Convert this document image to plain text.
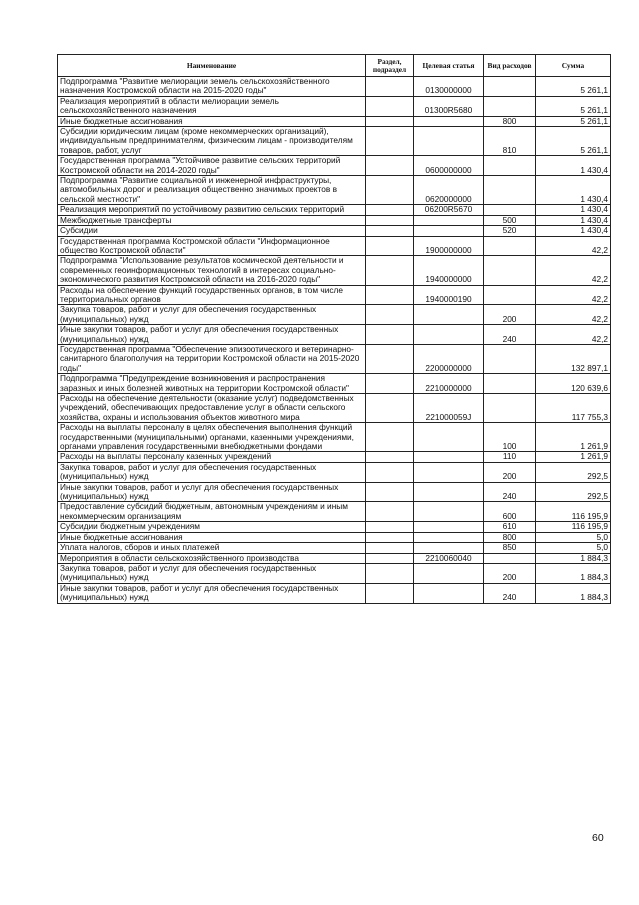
Наименование	Раздел, подраздел	Целевая статья	Вид расходов	Сумма
Подпрограмма "Развитие мелиорации земель сельскохозяйственного назначения Костромской области на 2015-2020 годы"		0130000000		5 261,1
Реализация мероприятий в области мелиорации земель сельскохозяйственного назначения		01300R5680		5 261,1
Иные бюджетные ассигнования			800	5 261,1
Субсидии юридическим лицам (кроме некоммерческих организаций), индивидуальным предпринимателям, физическим лицам - производителям товаров, работ, услуг			810	5 261,1
Государственная программа "Устойчивое развитие сельских территорий Костромской области на 2014-2020 годы"		0600000000		1 430,4
Подпрограмма "Развитие социальной и инженерной инфраструктуры, автомобильных дорог и реализация общественно значимых проектов в сельской местности"		0620000000		1 430,4
Реализация мероприятий по устойчивому развитию сельских территорий		06200R5670		1 430,4
Межбюджетные трансферты			500	1 430,4
Субсидии			520	1 430,4
Государственная программа Костромской области "Информационное общество Костромской области"		1900000000		42,2
Подпрограмма "Использование результатов космической деятельности и современных геоинформационных технологий в интересах социально-экономического развития Костромской области на 2016-2020 годы"		1940000000		42,2
Расходы на обеспечение функций государственных органов, в том числе территориальных органов		1940000190		42,2
Закупка товаров, работ и услуг для обеспечения государственных (муниципальных) нужд			200	42,2
Иные закупки товаров, работ и услуг для обеспечения государственных (муниципальных) нужд			240	42,2
Государственная программа "Обеспечение эпизоотического и ветеринарно-санитарного благополучия на территории Костромской области на 2015-2020 годы"		2200000000		132 897,1
Подпрограмма "Предупреждение возникновения и распространения заразных и иных болезней животных на территории Костромской области"		2210000000		120 639,6
Расходы на обеспечение деятельности (оказание услуг) подведомственных учреждений, обеспечивающих предоставление услуг в области сельского хозяйства, охраны и использования объектов животного мира		221000059J		117 755,3
Расходы на выплаты персоналу в целях обеспечения выполнения функций государственными (муниципальными) органами, казенными учреждениями, органами управления государственными внебюджетными фондами			100	1 261,9
Расходы на выплаты персоналу казенных учреждений			110	1 261,9
Закупка товаров, работ и услуг для обеспечения государственных (муниципальных) нужд			200	292,5
Иные закупки товаров, работ и услуг для обеспечения государственных (муниципальных) нужд			240	292,5
Предоставление субсидий бюджетным, автономным учреждениям и иным некоммерческим организациям			600	116 195,9
Субсидии бюджетным учреждениям			610	116 195,9
Иные бюджетные ассигнования			800	5,0
Уплата налогов, сборов и иных платежей			850	5,0
Мероприятия в области сельскохозяйственного производства		2210060040		1 884,3
Закупка товаров, работ и услуг для обеспечения государственных (муниципальных) нужд			200	1 884,3
Иные закупки товаров, работ и услуг для обеспечения государственных (муниципальных) нужд			240	1 884,3
60
